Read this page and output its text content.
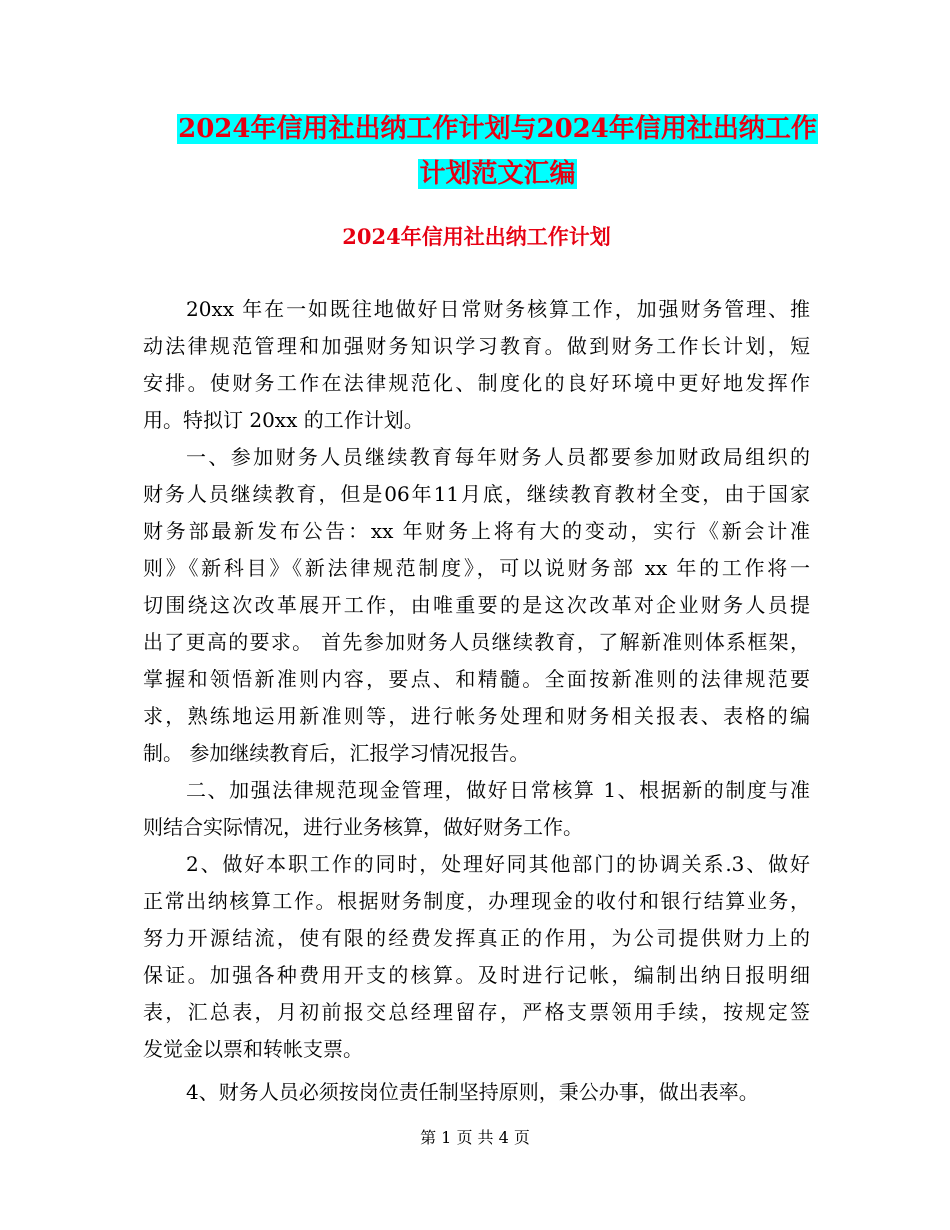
2024年信用社出纳工作计划与2024年信用社出纳工作
计划范文汇编
2024年信用社出纳工作计划
20xx 年在一如既往地做好日常财务核算工作，加强财务管理、推
动法律规范管理和加强财务知识学习教育。做到财务工作长计划，短
安排。使财务工作在法律规范化、制度化的良好环境中更好地发挥作
用。特拟订 20xx 的工作计划。
一、参加财务人员继续教育每年财务人员都要参加财政局组织的
财务人员继续教育，但是06年11月底，继续教育教材全变，由于国家
财务部最新发布公告：xx 年财务上将有大的变动，实行《新会计准
则》《新科目》《新法律规范制度》，可以说财务部 xx 年的工作将一
切围绕这次改革展开工作，由唯重要的是这次改革对企业财务人员提
出了更高的要求。 首先参加财务人员继续教育，了解新准则体系框架，
掌握和领悟新准则内容，要点、和精髓。全面按新准则的法律规范要
求，熟练地运用新准则等，进行帐务处理和财务相关报表、表格的编
制。 参加继续教育后，汇报学习情况报告。
二、加强法律规范现金管理，做好日常核算 1、根据新的制度与准
则结合实际情况，进行业务核算，做好财务工作。
2、做好本职工作的同时，处理好同其他部门的协调关系.3、做好
正常出纳核算工作。根据财务制度，办理现金的收付和银行结算业务，
努力开源结流，使有限的经费发挥真正的作用，为公司提供财力上的
保证。加强各种费用开支的核算。及时进行记帐，编制出纳日报明细
表，汇总表，月初前报交总经理留存，严格支票领用手续，按规定签
发觉金以票和转帐支票。
4、财务人员必须按岗位责任制坚持原则，秉公办事，做出表率。
第 1 页 共 4 页
